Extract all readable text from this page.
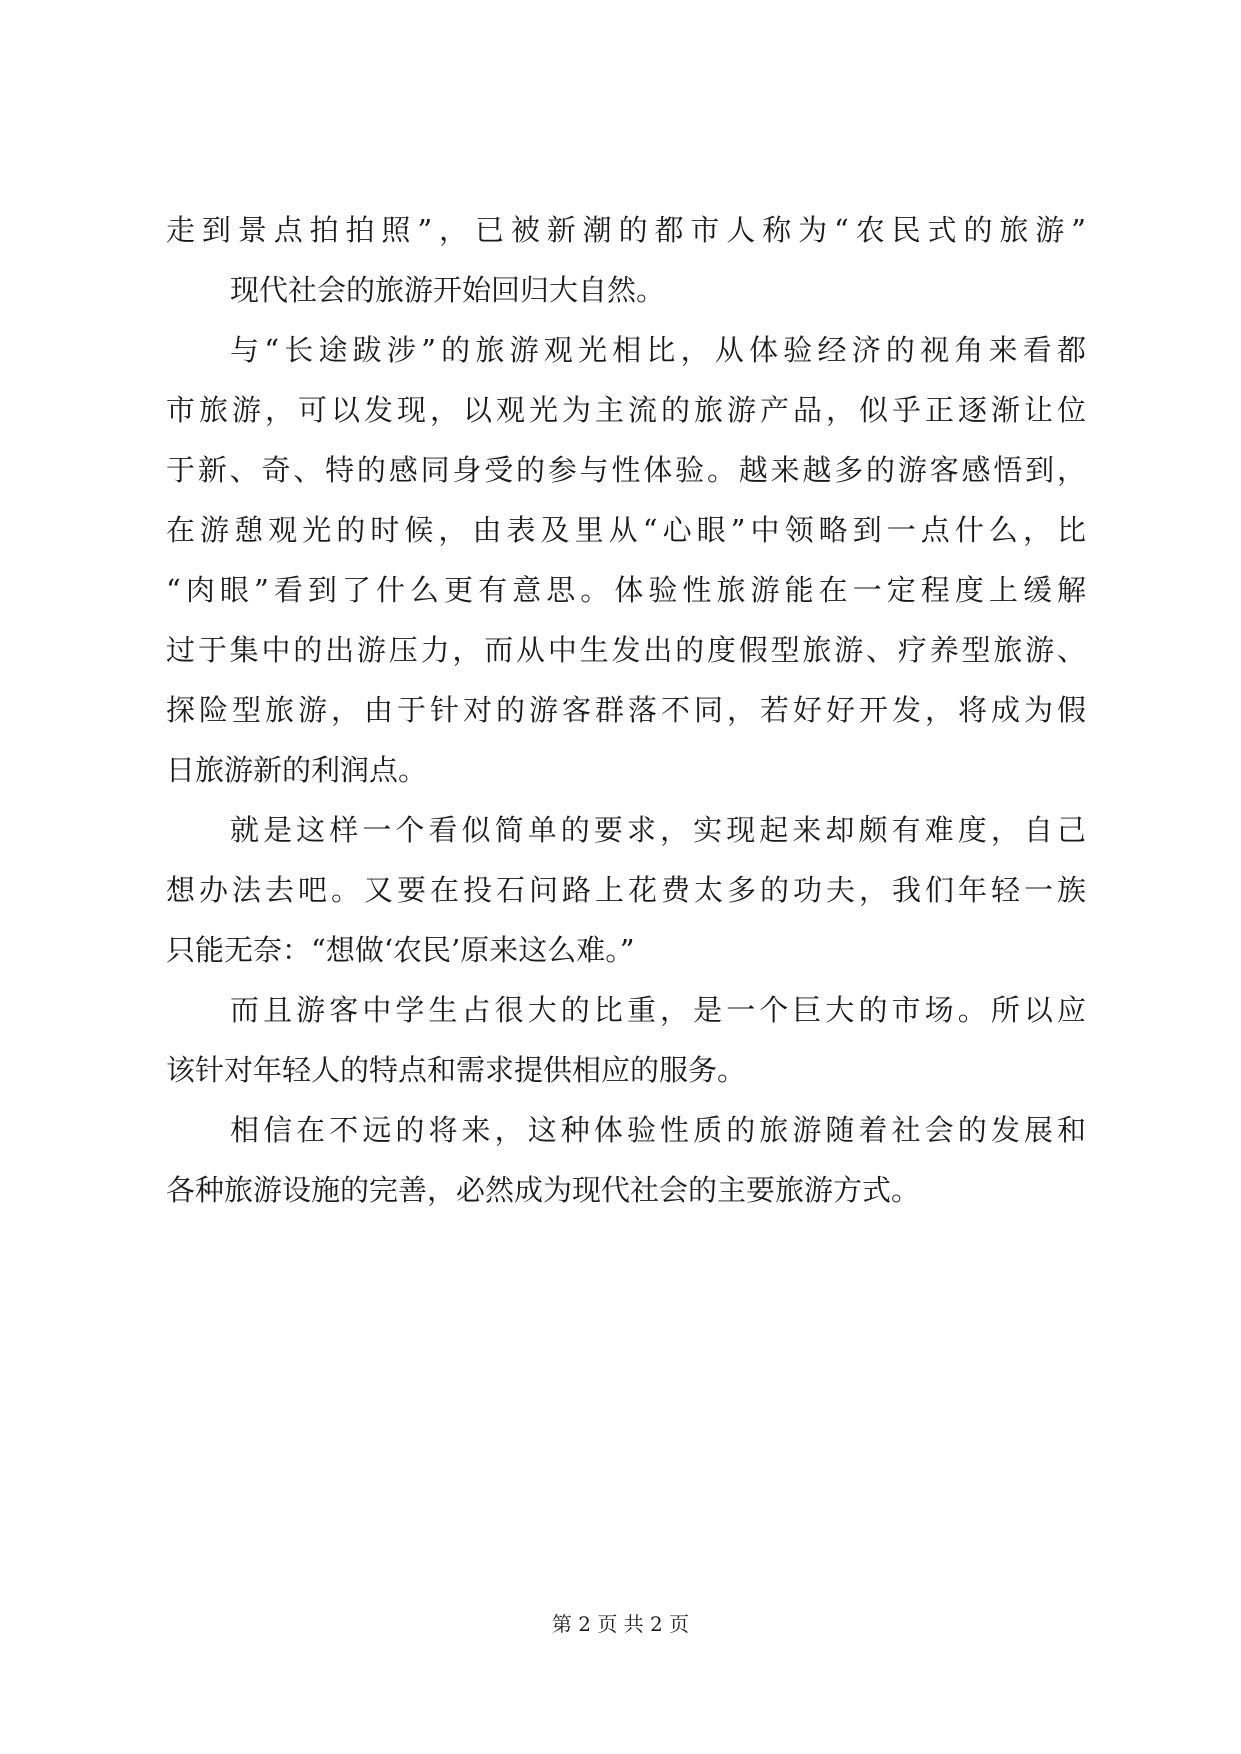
走到景点拍拍照”，已被新潮的都市人称为“农民式的旅游”
现代社会的旅游开始回归大自然。
与“长途跋涉”的旅游观光相比，从体验经济的视角来看都
市旅游，可以发现，以观光为主流的旅游产品，似乎正逐渐让位
于新、奇、特的感同身受的参与性体验。越来越多的游客感悟到，
在游憩观光的时候，由表及里从“心眼”中领略到一点什么，比
“肉眼”看到了什么更有意思。体验性旅游能在一定程度上缓解
过于集中的出游压力，而从中生发出的度假型旅游、疗养型旅游、
探险型旅游，由于针对的游客群落不同，若好好开发，将成为假
日旅游新的利润点。
就是这样一个看似简单的要求，实现起来却颇有难度，自己
想办法去吧。又要在投石问路上花费太多的功夫，我们年轻一族
只能无奈：“想做‘农民’原来这么难。”
而且游客中学生占很大的比重，是一个巨大的市场。所以应
该针对年轻人的特点和需求提供相应的服务。
相信在不远的将来，这种体验性质的旅游随着社会的发展和
各种旅游设施的完善，必然成为现代社会的主要旅游方式。
第 2 页 共 2 页
